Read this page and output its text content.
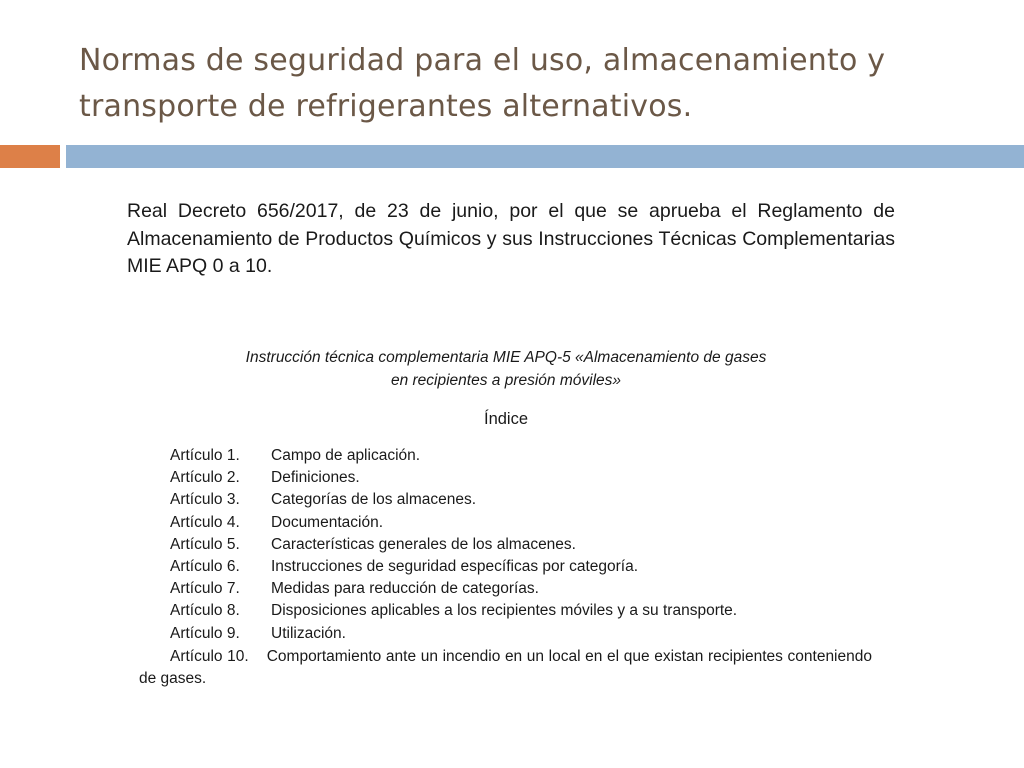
Normas de seguridad para el uso, almacenamiento y transporte de refrigerantes alternativos.

Real Decreto 656/2017, de 23 de junio, por el que se aprueba el Reglamento de Almacenamiento de Productos Químicos y sus Instrucciones Técnicas Complementarias MIE APQ 0 a 10.

Instrucción técnica complementaria MIE APQ-5 «Almacenamiento de gases
en recipientes a presión móviles»

Índice

Artículo 1. Campo de aplicación.
Artículo 2. Definiciones.
Artículo 3. Categorías de los almacenes.
Artículo 4. Documentación.
Artículo 5. Características generales de los almacenes.
Artículo 6. Instrucciones de seguridad específicas por categoría.
Artículo 7. Medidas para reducción de categorías.
Artículo 8. Disposiciones aplicables a los recipientes móviles y a su transporte.
Artículo 9. Utilización.

Artículo 10. Comportamiento ante un incendio en un local en el que existan recipientes conteniendo de gases.
